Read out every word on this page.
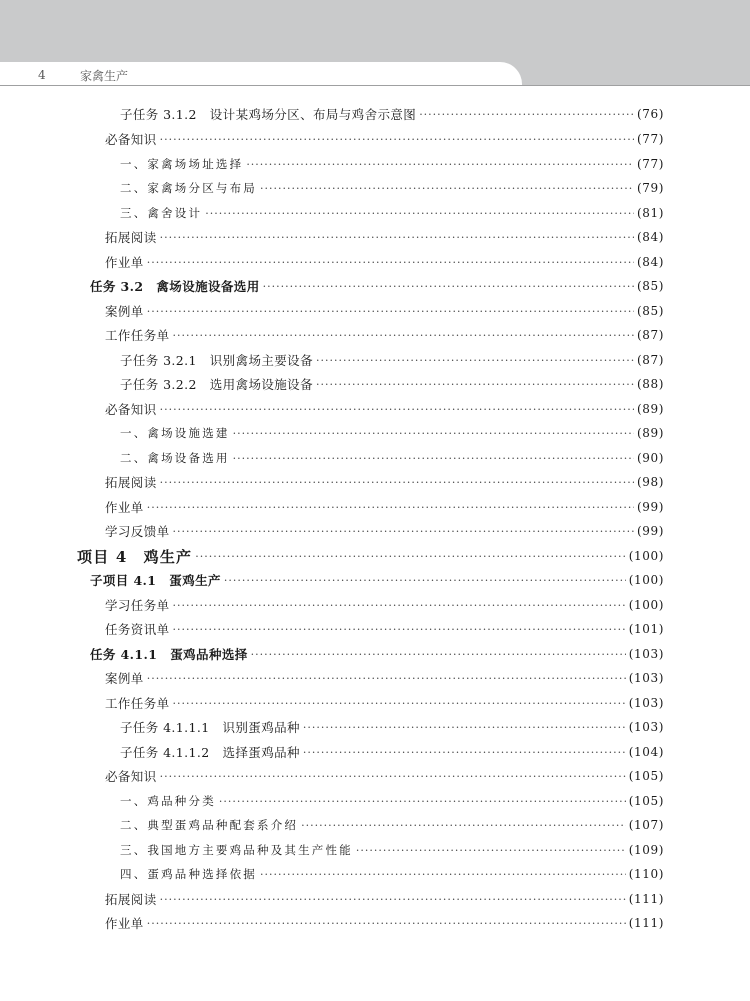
4	家禽生产
子任务 3.1.2　设计某鸡场分区、布局与鸡舍示意图 ·····	(76)
必备知识 ·····	(77)
一、家禽场场址选择 ·····	(77)
二、家禽场分区与布局 ·····	(79)
三、禽舍设计 ·····	(81)
拓展阅读 ·····	(84)
作业单 ·····	(84)
任务 3.2　禽场设施设备选用 ·····	(85)
案例单 ·····	(85)
工作任务单 ·····	(87)
子任务 3.2.1　识别禽场主要设备 ·····	(87)
子任务 3.2.2　选用禽场设施设备 ·····	(88)
必备知识 ·····	(89)
一、禽场设施选建 ·····	(89)
二、禽场设备选用 ·····	(90)
拓展阅读 ·····	(98)
作业单 ·····	(99)
学习反馈单 ·····	(99)
项目 4　鸡生产 ·····	(100)
子项目 4.1　蛋鸡生产 ·····	(100)
学习任务单 ·····	(100)
任务资讯单 ·····	(101)
任务 4.1.1　蛋鸡品种选择 ·····	(103)
案例单 ·····	(103)
工作任务单 ·····	(103)
子任务 4.1.1.1　识别蛋鸡品种 ·····	(103)
子任务 4.1.1.2　选择蛋鸡品种 ·····	(104)
必备知识 ·····	(105)
一、鸡品种分类 ·····	(105)
二、典型蛋鸡品种配套系介绍 ·····	(107)
三、我国地方主要鸡品种及其生产性能 ·····	(109)
四、蛋鸡品种选择依据 ·····	(110)
拓展阅读 ·····	(111)
作业单 ·····	(111)
